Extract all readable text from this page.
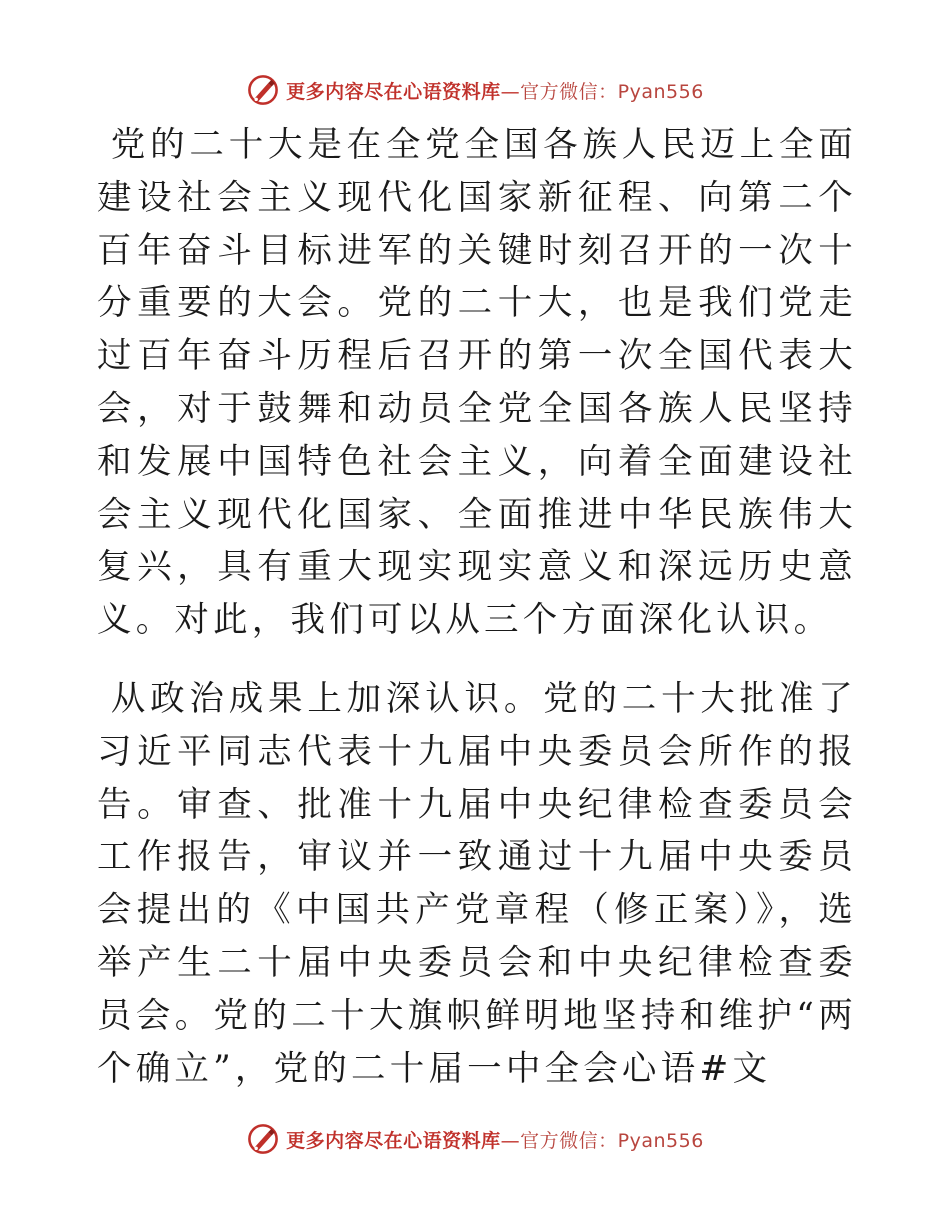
更多内容尽在心语资料库—官方微信：Pyan556

党的二十大是在全党全国各族人民迈上全面建设社会主义现代化国家新征程、向第二个百年奋斗目标进军的关键时刻召开的一次十分重要的大会。党的二十大，也是我们党走过百年奋斗历程后召开的第一次全国代表大会，对于鼓舞和动员全党全国各族人民坚持和发展中国特色社会主义，向着全面建设社会主义现代化国家、全面推进中华民族伟大复兴，具有重大现实现实意义和深远历史意义。对此，我们可以从三个方面深化认识。

从政治成果上加深认识。党的二十大批准了习近平同志代表十九届中央委员会所作的报告。审查、批准十九届中央纪律检查委员会工作报告，审议并一致通过十九届中央委员会提出的《中国共产党章程（修正案）》，选举产生二十届中央委员会和中央纪律检查委员会。党的二十大旗帜鲜明地坚持和维护“两个确立”，党的二十届一中全会心语#文

更多内容尽在心语资料库—官方微信：Pyan556
